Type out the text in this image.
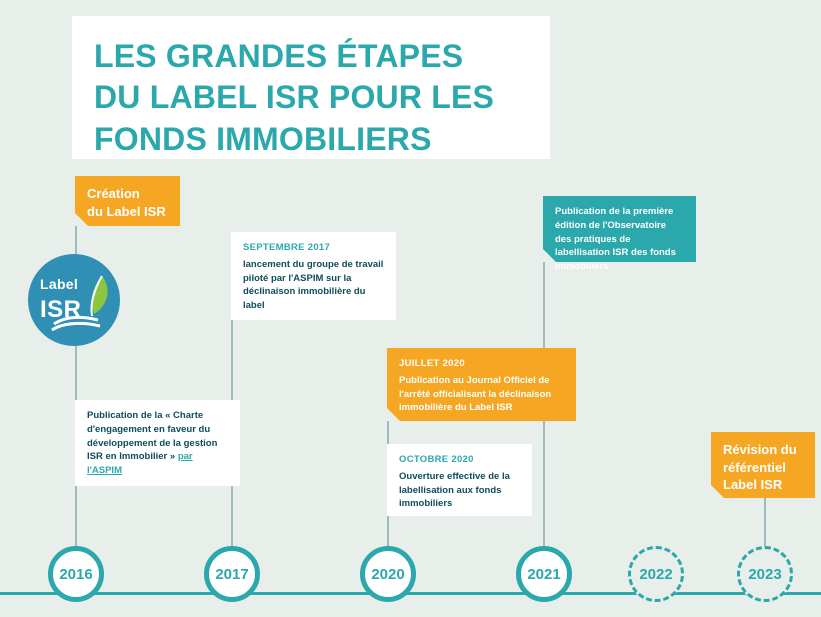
LES GRANDES ÉTAPES
DU LABEL ISR POUR LES
FONDS IMMOBILIERS
Création
du Label ISR
Label
ISR
Publication de la « Charte d'engagement en faveur du développement de la gestion ISR en Immobilier » par l'ASPIM
SEPTEMBRE 2017
lancement du groupe de travail piloté par l'ASPIM sur la déclinaison immobilière du label
JUILLET 2020
Publication au Journal Officiel de l'arrêté officialisant la déclinaison immobilière du Label ISR
OCTOBRE 2020
Ouverture effective de la labellisation aux fonds immobiliers
Publication de la première édition de l'Observatoire des pratiques de labellisation ISR des fonds immobiliers
Révision du
référentiel
Label ISR
2016	2017	2020	2021	2022	2023
